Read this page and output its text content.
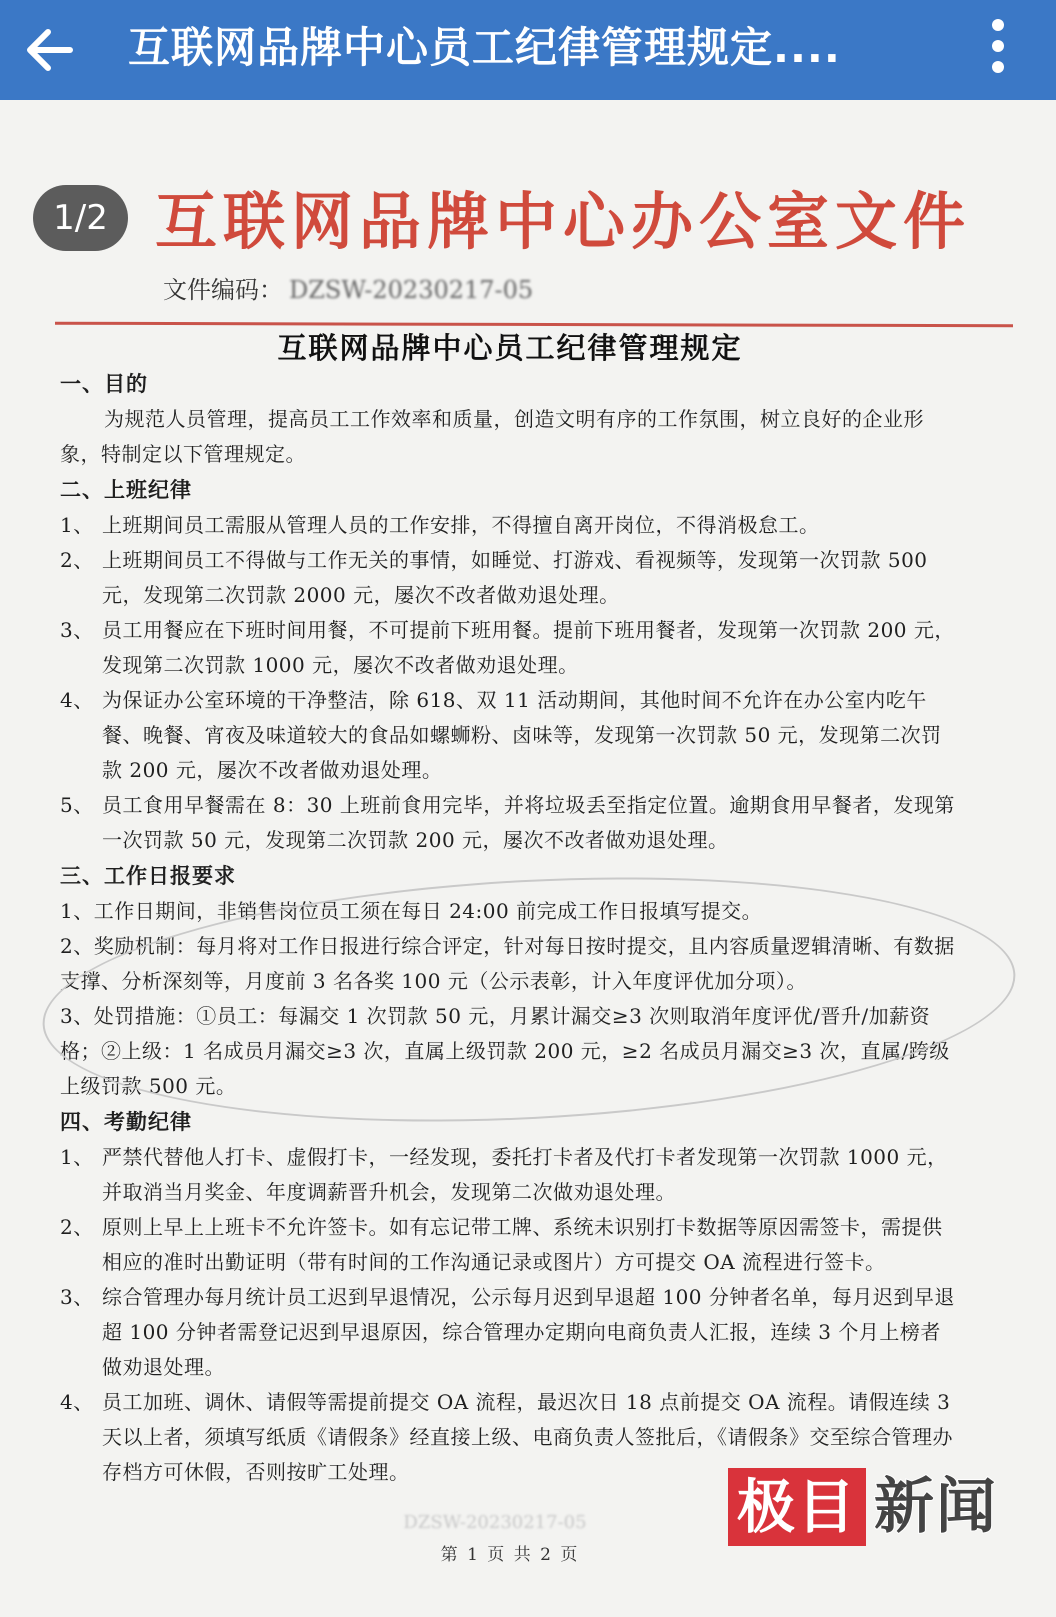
互联网品牌中心员工纪律管理规定....
1/2 互联网品牌中心办公室文件
文件编码： DZSW-20230217-05
互联网品牌中心员工纪律管理规定
一、目的
为规范人员管理，提高员工工作效率和质量，创造文明有序的工作氛围，树立良好的企业形象，特制定以下管理规定。
二、上班纪律
1、 上班期间员工需服从管理人员的工作安排，不得擅自离开岗位，不得消极怠工。
2、 上班期间员工不得做与工作无关的事情，如睡觉、打游戏、看视频等，发现第一次罚款 500 元，发现第二次罚款 2000 元，屡次不改者做劝退处理。
3、 员工用餐应在下班时间用餐，不可提前下班用餐。提前下班用餐者，发现第一次罚款 200 元，发现第二次罚款 1000 元，屡次不改者做劝退处理。
4、 为保证办公室环境的干净整洁，除 618、双 11 活动期间，其他时间不允许在办公室内吃午餐、晚餐、宵夜及味道较大的食品如螺蛳粉、卤味等，发现第一次罚款 50 元，发现第二次罚款 200 元，屡次不改者做劝退处理。
5、 员工食用早餐需在 8：30 上班前食用完毕，并将垃圾丢至指定位置。逾期食用早餐者，发现第一次罚款 50 元，发现第二次罚款 200 元，屡次不改者做劝退处理。
三、工作日报要求
1、工作日期间，非销售岗位员工须在每日 24:00 前完成工作日报填写提交。
2、奖励机制：每月将对工作日报进行综合评定，针对每日按时提交，且内容质量逻辑清晰、有数据支撑、分析深刻等，月度前 3 名各奖 100 元（公示表彰，计入年度评优加分项）。
3、处罚措施：①员工：每漏交 1 次罚款 50 元，月累计漏交≥3 次则取消年度评优/晋升/加薪资格；②上级：1 名成员月漏交≥3 次，直属上级罚款 200 元，≥2 名成员月漏交≥3 次，直属/跨级上级罚款 500 元。
四、考勤纪律
1、 严禁代替他人打卡、虚假打卡，一经发现，委托打卡者及代打卡者发现第一次罚款 1000 元，并取消当月奖金、年度调薪晋升机会，发现第二次做劝退处理。
2、 原则上早上上班卡不允许签卡。如有忘记带工牌、系统未识别打卡数据等原因需签卡，需提供相应的准时出勤证明（带有时间的工作沟通记录或图片）方可提交 OA 流程进行签卡。
3、 综合管理办每月统计员工迟到早退情况，公示每月迟到早退超 100 分钟者名单，每月迟到早退超 100 分钟者需登记迟到早退原因，综合管理办定期向电商负责人汇报，连续 3 个月上榜者做劝退处理。
4、 员工加班、调休、请假等需提前提交 OA 流程，最迟次日 18 点前提交 OA 流程。请假连续 3 天以上者，须填写纸质《请假条》经直接上级、电商负责人签批后，《请假条》交至综合管理办存档方可休假，否则按旷工处理。
DZSW-20230217-05
第 1 页 共 2 页
极目 新闻
